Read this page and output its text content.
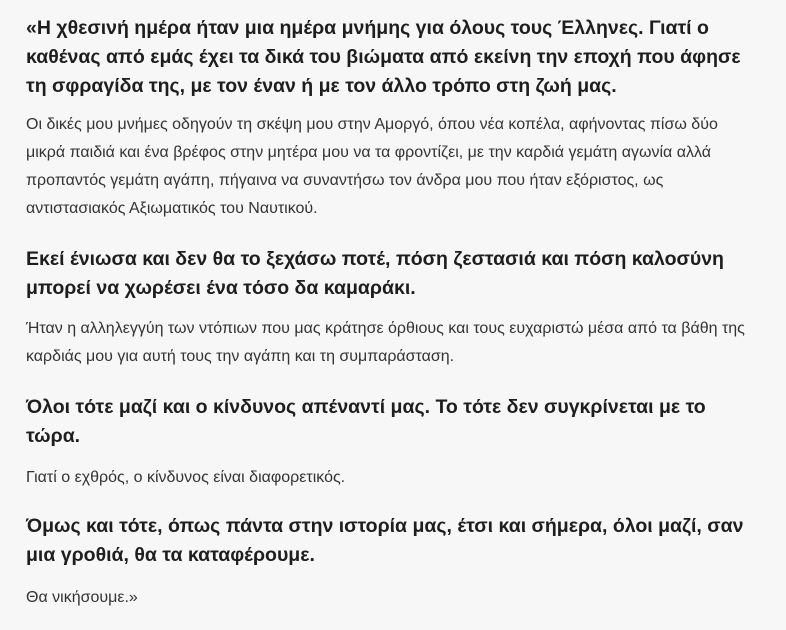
«Η χθεσινή ημέρα ήταν μια ημέρα μνήμης για όλους τους Έλληνες. Γιατί ο καθένας από εμάς έχει τα δικά του βιώματα από εκείνη την εποχή που άφησε τη σφραγίδα της, με τον έναν ή με τον άλλο τρόπο στη ζωή μας.

Οι δικές μου μνήμες οδηγούν τη σκέψη μου στην Αμοργό, όπου νέα κοπέλα, αφήνοντας πίσω δύο μικρά παιδιά και ένα βρέφος στην μητέρα μου να τα φροντίζει, με την καρδιά γεμάτη αγωνία αλλά προπαντός γεμάτη αγάπη, πήγαινα να συναντήσω τον άνδρα μου που ήταν εξόριστος, ως αντιστασιακός Αξιωματικός του Ναυτικού.

Εκεί ένιωσα και δεν θα το ξεχάσω ποτέ, πόση ζεστασιά και πόση καλοσύνη μπορεί να χωρέσει ένα τόσο δα καμαράκι.

Ήταν η αλληλεγγύη των ντόπιων που μας κράτησε όρθιους και τους ευχαριστώ μέσα από τα βάθη της καρδιάς μου για αυτή τους την αγάπη και τη συμπαράσταση.

Όλοι τότε μαζί και ο κίνδυνος απέναντί μας. Το τότε δεν συγκρίνεται με το τώρα.

Γιατί ο εχθρός, ο κίνδυνος είναι διαφορετικός.

Όμως και τότε, όπως πάντα στην ιστορία μας, έτσι και σήμερα, όλοι μαζί, σαν μια γροθιά, θα τα καταφέρουμε.

Θα νικήσουμε.»
